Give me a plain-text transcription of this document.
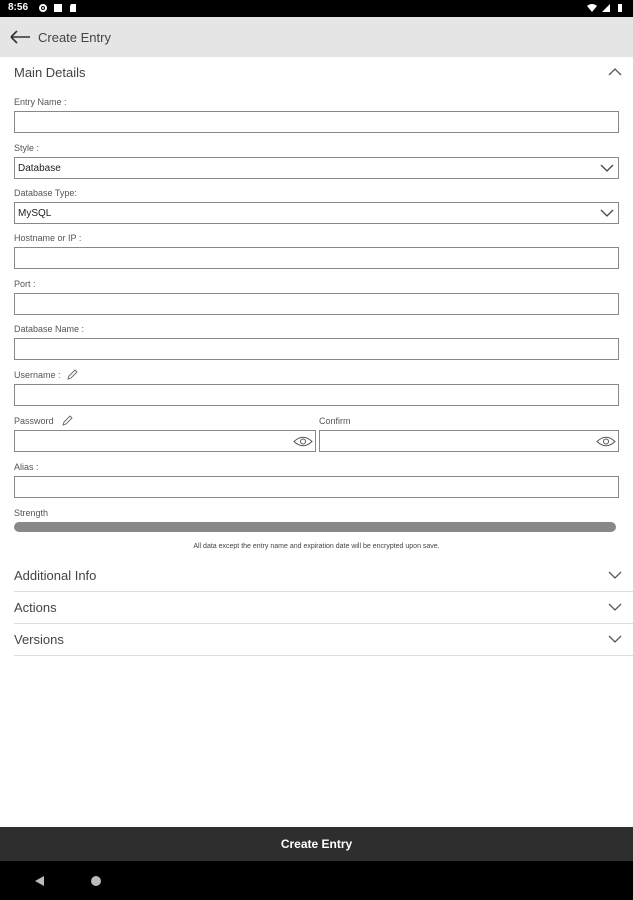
8:56
Create Entry
Main Details
Entry Name :
Style :
Database
Database Type:
MySQL
Hostname or IP :
Port :
Database Name :
Username :
Password	Confirm
Alias :
Strength
All data except the entry name and expiration date will be encrypted upon save.
Additional Info
Actions
Versions
Create Entry
